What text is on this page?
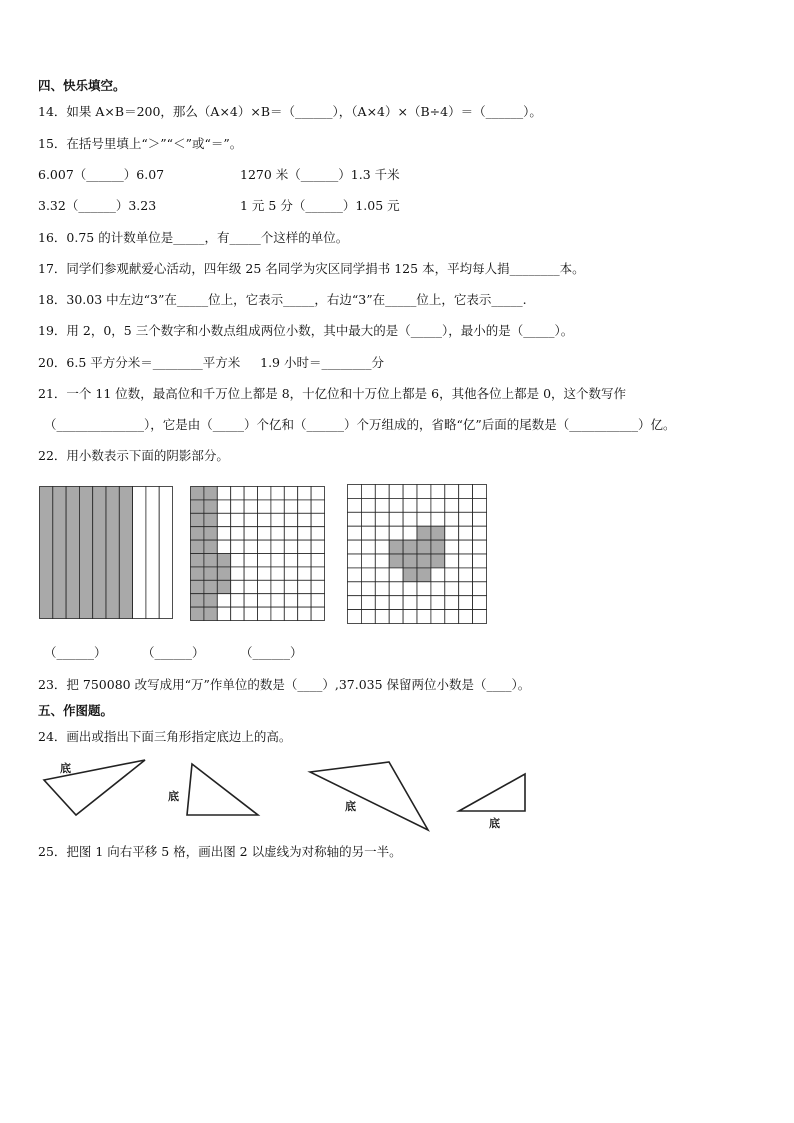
四、快乐填空。
14．如果 A×B＝200，那么（A×4）×B＝（______），（A×4）×（B÷4）＝（______）。
15．在括号里填上“＞”“＜”或“＝”。
6.007（______）6.07	1270 米（______）1.3 千米
3.32（______）3.23	1 元 5 分（______）1.05 元
16．0.75 的计数单位是_____，有_____个这样的单位。
17．同学们参观献爱心活动，四年级 25 名同学为灾区同学捐书 125 本，平均每人捐________本。
18．30.03 中左边“3”在_____位上，它表示_____，右边“3”在_____位上，它表示_____.
19．用 2，0，5 三个数字和小数点组成两位小数，其中最大的是（_____），最小的是（_____）。
20．6.5 平方分米＝________平方米     1.9 小时＝________分
21．一个 11 位数，最高位和千万位上都是 8，十亿位和十万位上都是 6，其他各位上都是 0，这个数写作
（______________），它是由（_____）个亿和（______）个万组成的，省略“亿”后面的尾数是（___________）亿。
22．用小数表示下面的阴影部分。
（______）	（______）	（______）
23．把 750080 改写成用“万”作单位的数是（____）,37.035 保留两位小数是（____）。
五、作图题。
24．画出或指出下面三角形指定底边上的高。
底
底
底
底
25．把图 1 向右平移 5 格，画出图 2 以虚线为对称轴的另一半。
